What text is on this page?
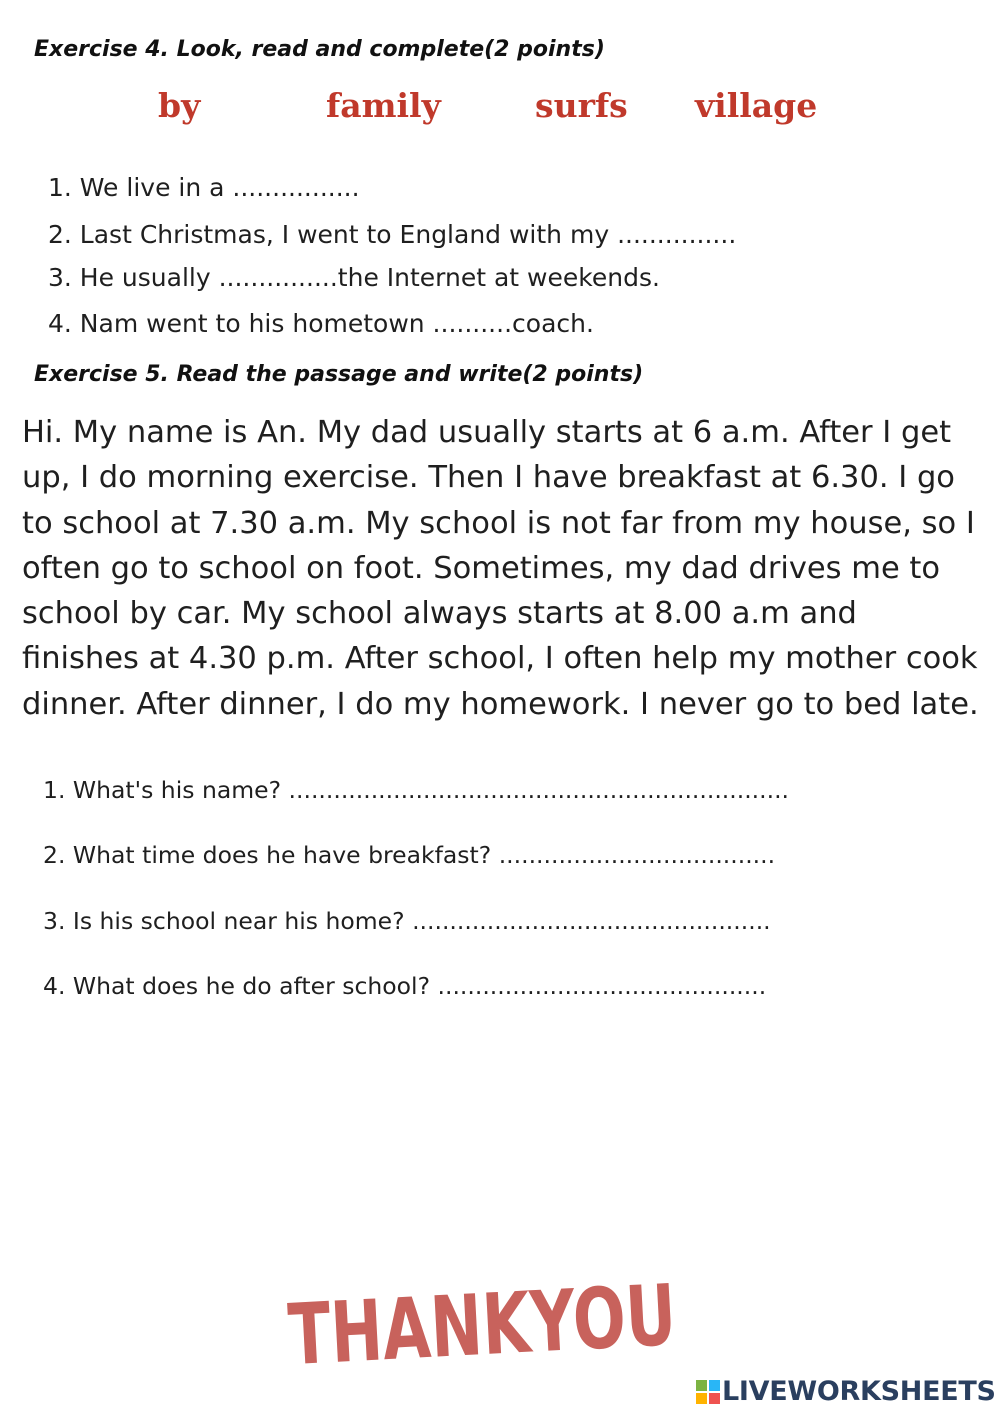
Exercise 4. Look, read and complete(2 points)
by	family	surfs village
1. We live in a ................
2. Last Christmas, I went to England with my ...............
3. He usually ...............the Internet at weekends.
4. Nam went to his hometown ..........coach.
Exercise 5. Read the passage and write(2 points)
Hi. My name is An. My dad usually starts at 6 a.m. After I get up, I do morning exercise. Then I have breakfast at 6.30. I go to school at 7.30 a.m. My school is not far from my house, so I often go to school on foot. Sometimes, my dad drives me to school by car. My school always starts at 8.00 a.m and finishes at 4.30 p.m. After school, I often help my mother cook dinner. After dinner, I do my homework. I never go to bed late.
1. What's his name? ...................................................................
2. What time does he have breakfast? .....................................
3. Is his school near his home? ................................................
4. What does he do after school? ............................................
THANKYOU
LIVEWORKSHEETS
